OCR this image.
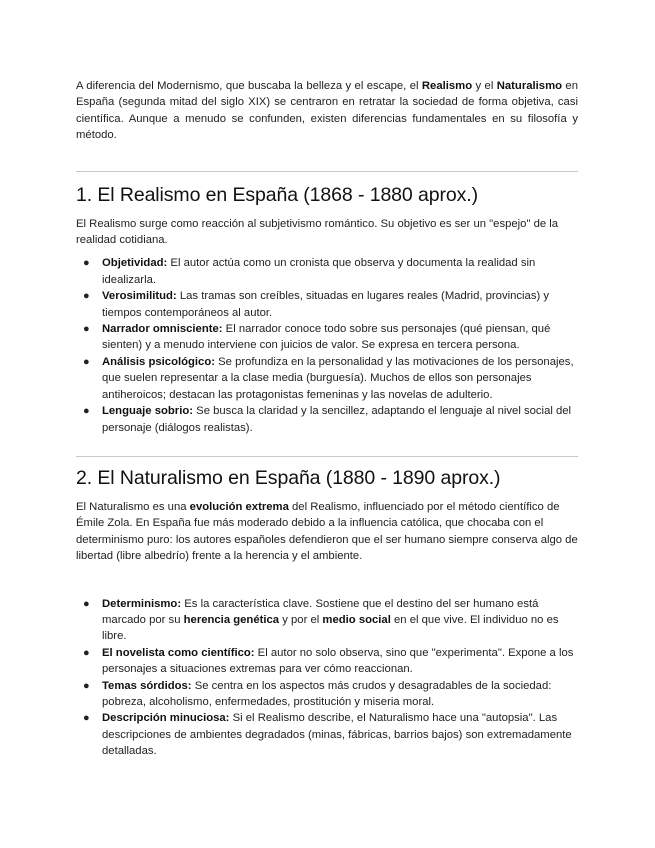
A diferencia del Modernismo, que buscaba la belleza y el escape, el Realismo y el Naturalismo en España (segunda mitad del siglo XIX) se centraron en retratar la sociedad de forma objetiva, casi científica. Aunque a menudo se confunden, existen diferencias fundamentales en su filosofía y método.

1. El Realismo en España (1868 - 1880 aprox.)

El Realismo surge como reacción al subjetivismo romántico. Su objetivo es ser un "espejo" de la realidad cotidiana.

● Objetividad: El autor actúa como un cronista que observa y documenta la realidad sin idealizarla.
● Verosimilitud: Las tramas son creíbles, situadas en lugares reales (Madrid, provincias) y tiempos contemporáneos al autor.
● Narrador omnisciente: El narrador conoce todo sobre sus personajes (qué piensan, qué sienten) y a menudo interviene con juicios de valor. Se expresa en tercera persona.
● Análisis psicológico: Se profundiza en la personalidad y las motivaciones de los personajes, que suelen representar a la clase media (burguesía). Muchos de ellos son personajes antiheroicos; destacan las protagonistas femeninas y las novelas de adulterio.
● Lenguaje sobrio: Se busca la claridad y la sencillez, adaptando el lenguaje al nivel social del personaje (diálogos realistas).
2. El Naturalismo en España (1880 - 1890 aprox.)

El Naturalismo es una evolución extrema del Realismo, influenciado por el método científico de Émile Zola. En España fue más moderado debido a la influencia católica, que chocaba con el determinismo puro: los autores españoles defendieron que el ser humano siempre conserva algo de libertad (libre albedrío) frente a la herencia y el ambiente.

● Determinismo: Es la característica clave. Sostiene que el destino del ser humano está marcado por su herencia genética y por el medio social en el que vive. El individuo no es libre.
● El novelista como científico: El autor no solo observa, sino que "experimenta". Expone a los personajes a situaciones extremas para ver cómo reaccionan.
● Temas sórdidos: Se centra en los aspectos más crudos y desagradables de la sociedad: pobreza, alcoholismo, enfermedades, prostitución y miseria moral.
● Descripción minuciosa: Si el Realismo describe, el Naturalismo hace una "autopsia". Las descripciones de ambientes degradados (minas, fábricas, barrios bajos) son extremadamente detalladas.
